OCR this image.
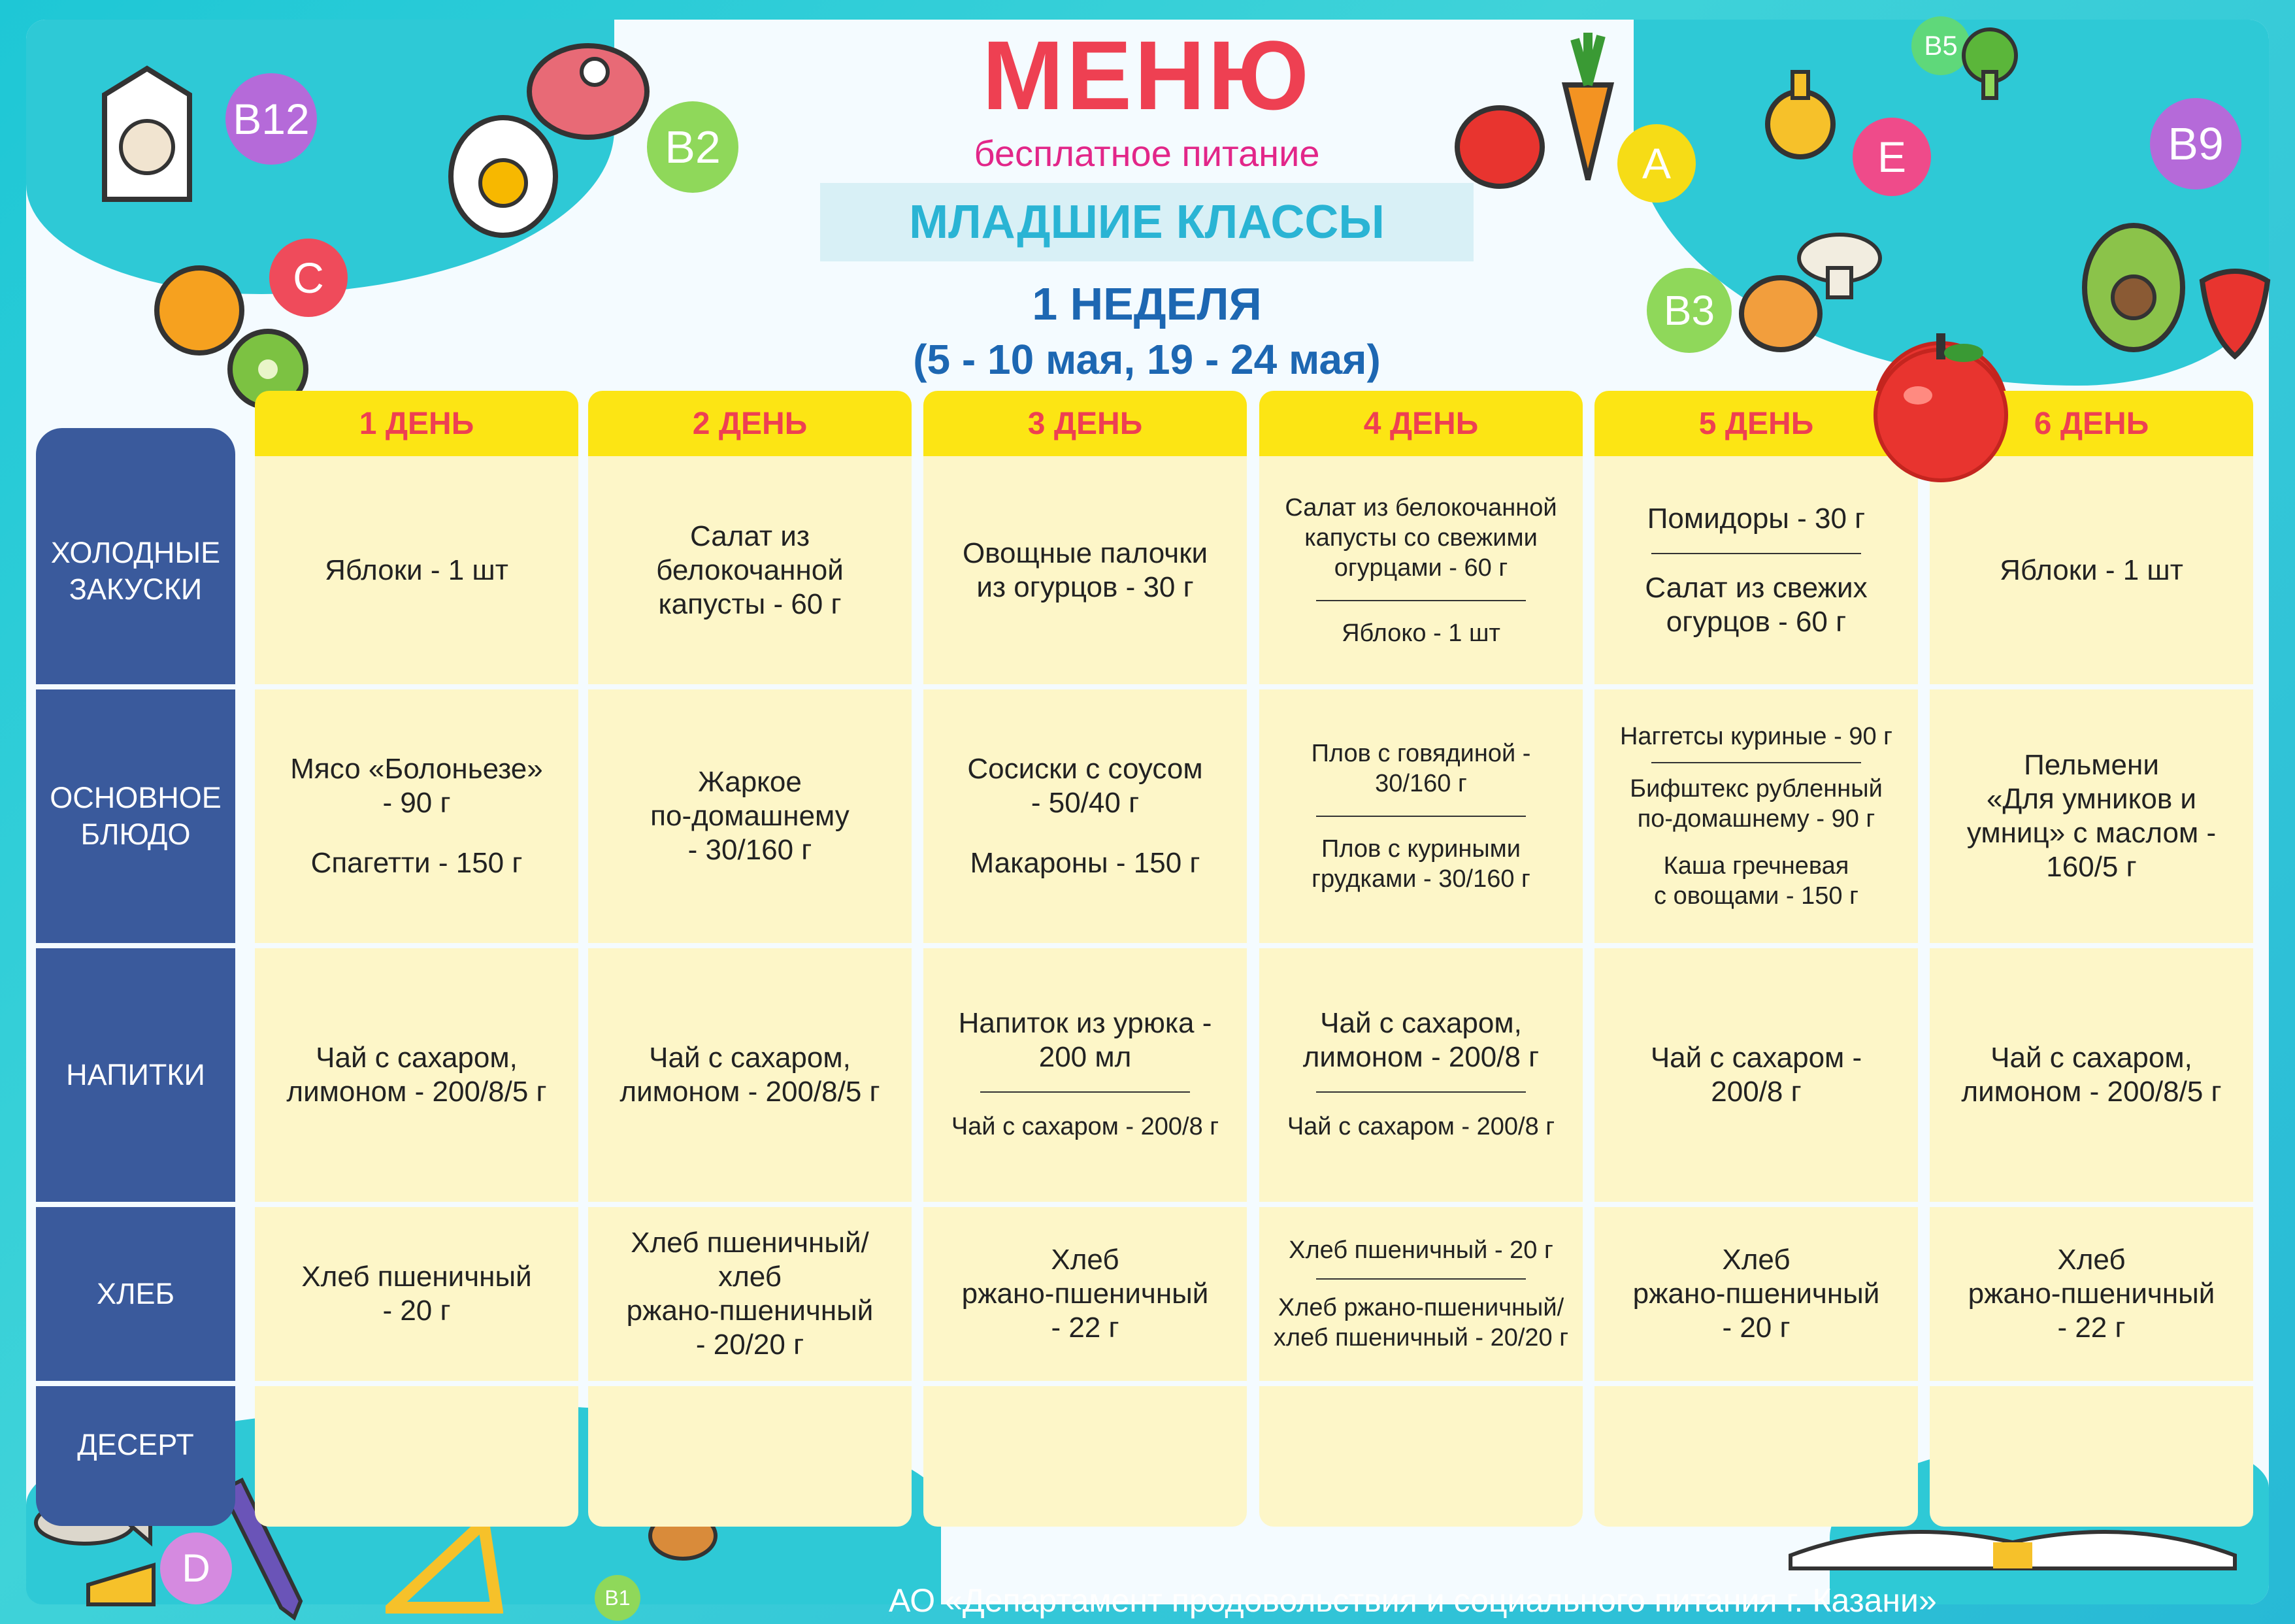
МЕНЮ
бесплатное питание
МЛАДШИЕ КЛАССЫ
1 НЕДЕЛЯ
(5 - 10 мая, 19 - 24 мая)
B12
B2
C
A
B5
E	B9
B3
D
B1
ХОЛОДНЫЕ
ЗАКУСКИ
ОСНОВНОЕ
БЛЮДО
НАПИТКИ
ХЛЕБ
ДЕСЕРТ
1 ДЕНЬ
Яблоки - 1 шт
Мясо «Болоньезе»
- 90 г
Спагетти - 150 г
Чай с сахаром,
лимоном - 200/8/5 г
Хлеб пшеничный
- 20 г
2 ДЕНЬ
Салат из
белокочанной
капусты - 60 г
Жаркое
по-домашнему
- 30/160 г
Чай с сахаром,
лимоном - 200/8/5 г
Хлеб пшеничный/хлеб
ржано-пшеничный
- 20/20 г
3 ДЕНЬ
Овощные палочки
из огурцов - 30 г
Сосиски с соусом
- 50/40 г
Макароны - 150 г
Напиток из урюка -
200 мл
Чай с сахаром - 200/8 г
Хлеб
ржано-пшеничный
- 22 г
4 ДЕНЬ
Салат из белокочанной
капусты со свежими
огурцами - 60 г
Яблоко - 1 шт
Плов с говядиной -
30/160 г
Плов с куриными
грудками - 30/160 г
Чай с сахаром,
лимоном - 200/8 г
Чай с сахаром - 200/8 г
Хлеб пшеничный - 20 г
Хлеб ржано-пшеничный/
хлеб пшеничный - 20/20 г
5 ДЕНЬ
Помидоры - 30 г
Салат из свежих
огурцов - 60 г
Наггетсы куриные - 90 г
Бифштекс рубленный
по-домашнему - 90 г
Каша гречневая
с овощами - 150 г
Чай с сахаром -
200/8 г
Хлеб
ржано-пшеничный
- 20 г
6 ДЕНЬ
Яблоки - 1 шт
Пельмени
«Для умников и
умниц» с маслом -
160/5 г
Чай с сахаром,
лимоном - 200/8/5 г
Хлеб
ржано-пшеничный
- 22 г
АО «Департамент продовольствия и социального питания г. Казани»
